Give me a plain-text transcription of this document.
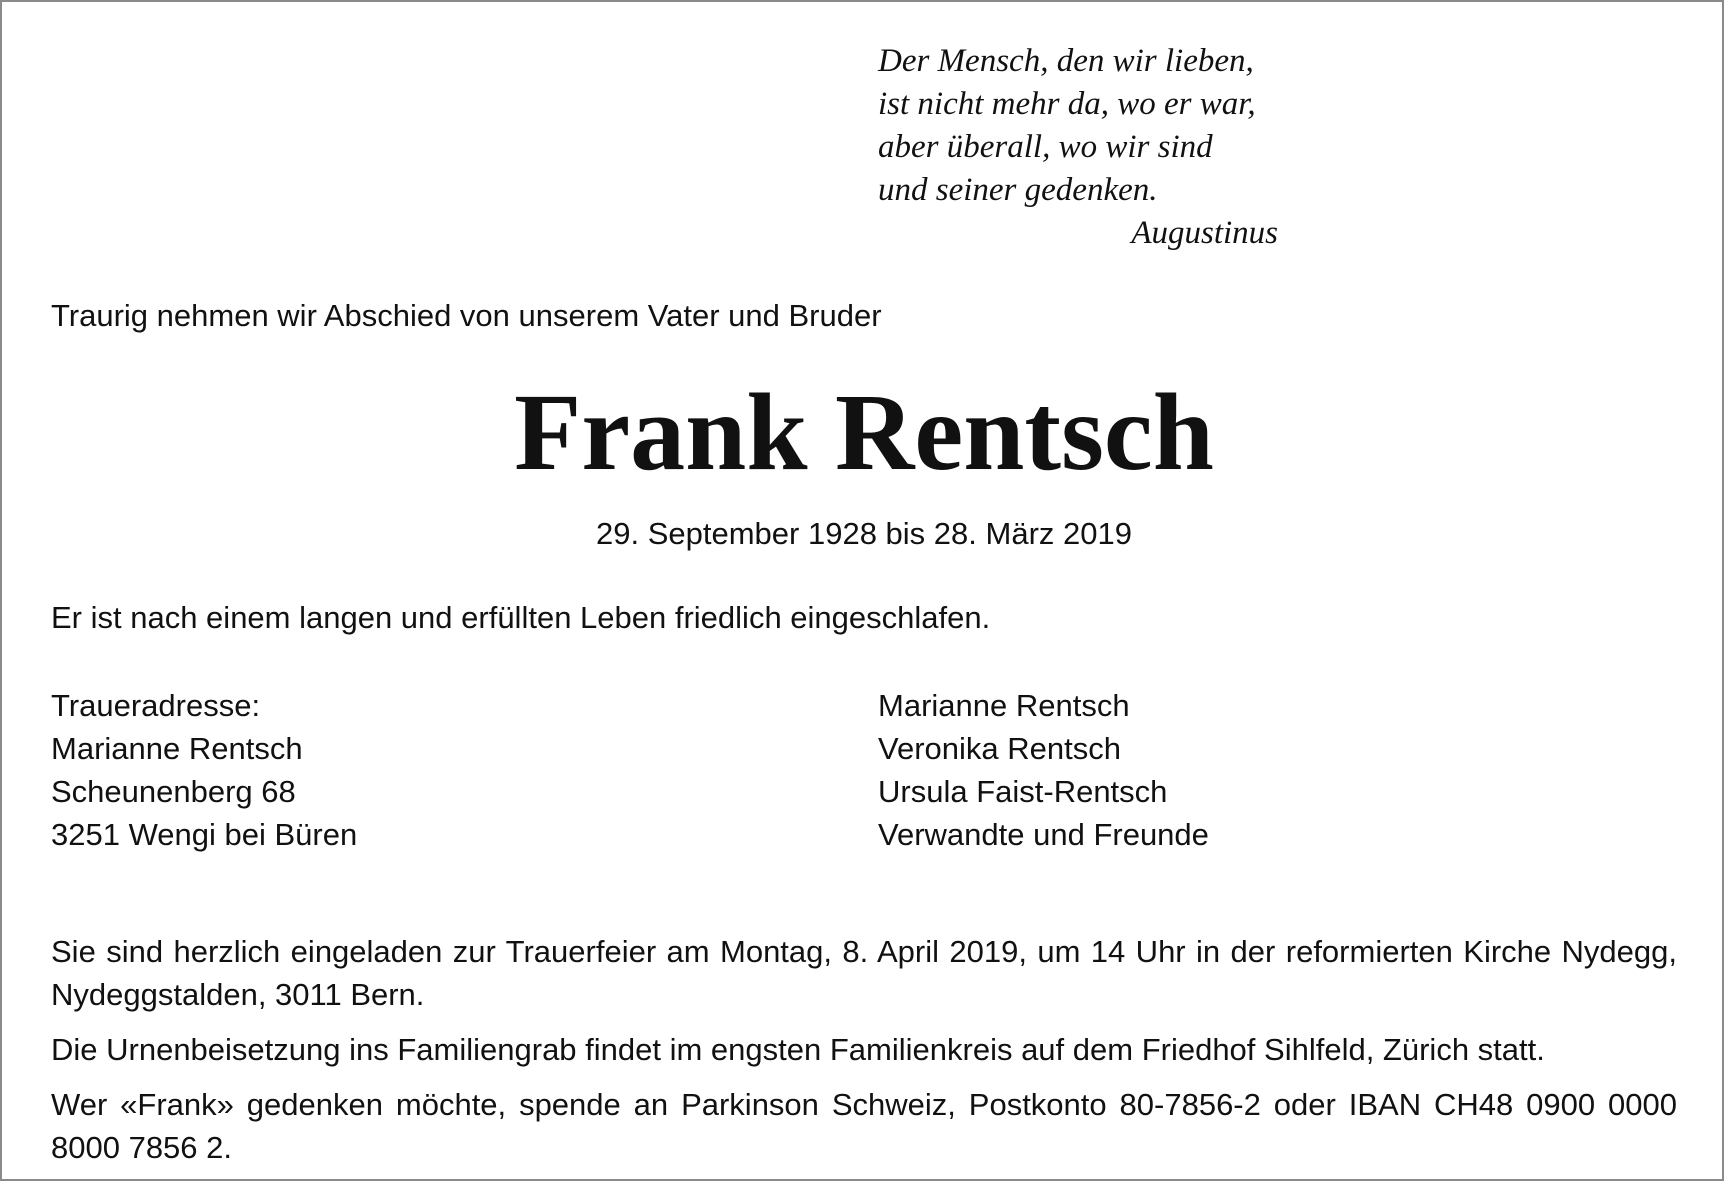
Der Mensch, den wir lieben,
ist nicht mehr da, wo er war,
aber überall, wo wir sind
und seiner gedenken.
Augustinus

Traurig nehmen wir Abschied von unserem Vater und Bruder

Frank Rentsch

29. September 1928 bis 28. März 2019

Er ist nach einem langen und erfüllten Leben friedlich eingeschlafen.

Traueradresse:
Marianne Rentsch
Scheunenberg 68
3251 Wengi bei Büren
Marianne Rentsch
Veronika Rentsch
Ursula Faist-Rentsch
Verwandte und Freunde

Sie sind herzlich eingeladen zur Trauerfeier am Montag, 8. April 2019, um 14 Uhr in der reformierten Kirche Nydegg, Nydeggstalden, 3011 Bern.

Die Urnenbeisetzung ins Familiengrab findet im engsten Familienkreis auf dem Friedhof Sihlfeld, Zürich statt.

Wer «Frank» gedenken möchte, spende an Parkinson Schweiz, Postkonto 80-7856-2 oder IBAN CH48 0900 0000 8000 7856 2.
